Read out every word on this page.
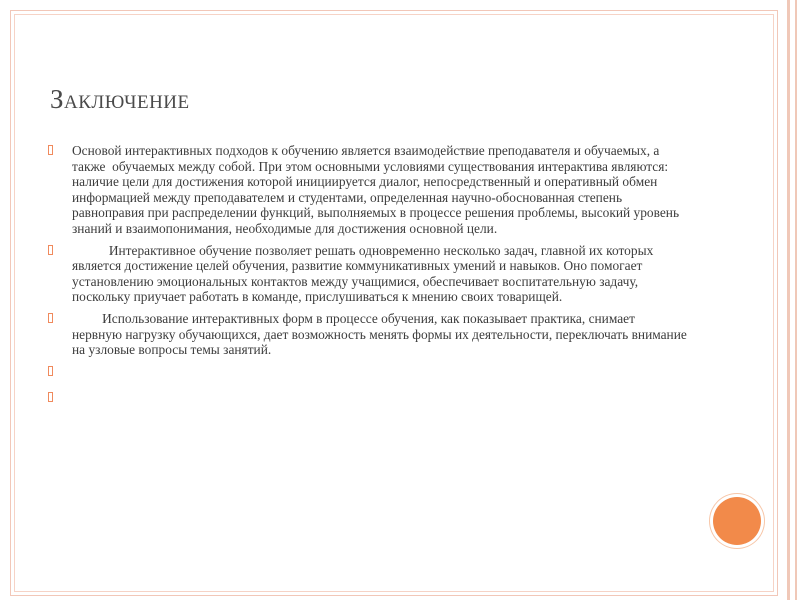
Заключение
Основой интерактивных подходов к обучению является взаимодействие преподавателя и обучаемых, а также  обучаемых между собой. При этом основными условиями существования интерактива являются: наличие цели для достижения которой инициируется диалог, непосредственный и оперативный обмен информацией между преподавателем и студентами, определенная научно-обоснованная степень равноправия при распределении функций, выполняемых в процессе решения проблемы, высокий уровень знаний и взаимопонимания, необходимые для достижения основной цели.
Интерактивное обучение позволяет решать одновременно несколько задач, главной их которых является достижение целей обучения, развитие коммуникативных умений и навыков. Оно помогает установлению эмоциональных контактов между учащимися, обеспечивает воспитательную задачу, поскольку приучает работать в команде, прислушиваться к мнению своих товарищей.
Использование интерактивных форм в процессе обучения, как показывает практика, снимает нервную нагрузку обучающихся, дает возможность менять формы их деятельности, переключать внимание на узловые вопросы темы занятий.
